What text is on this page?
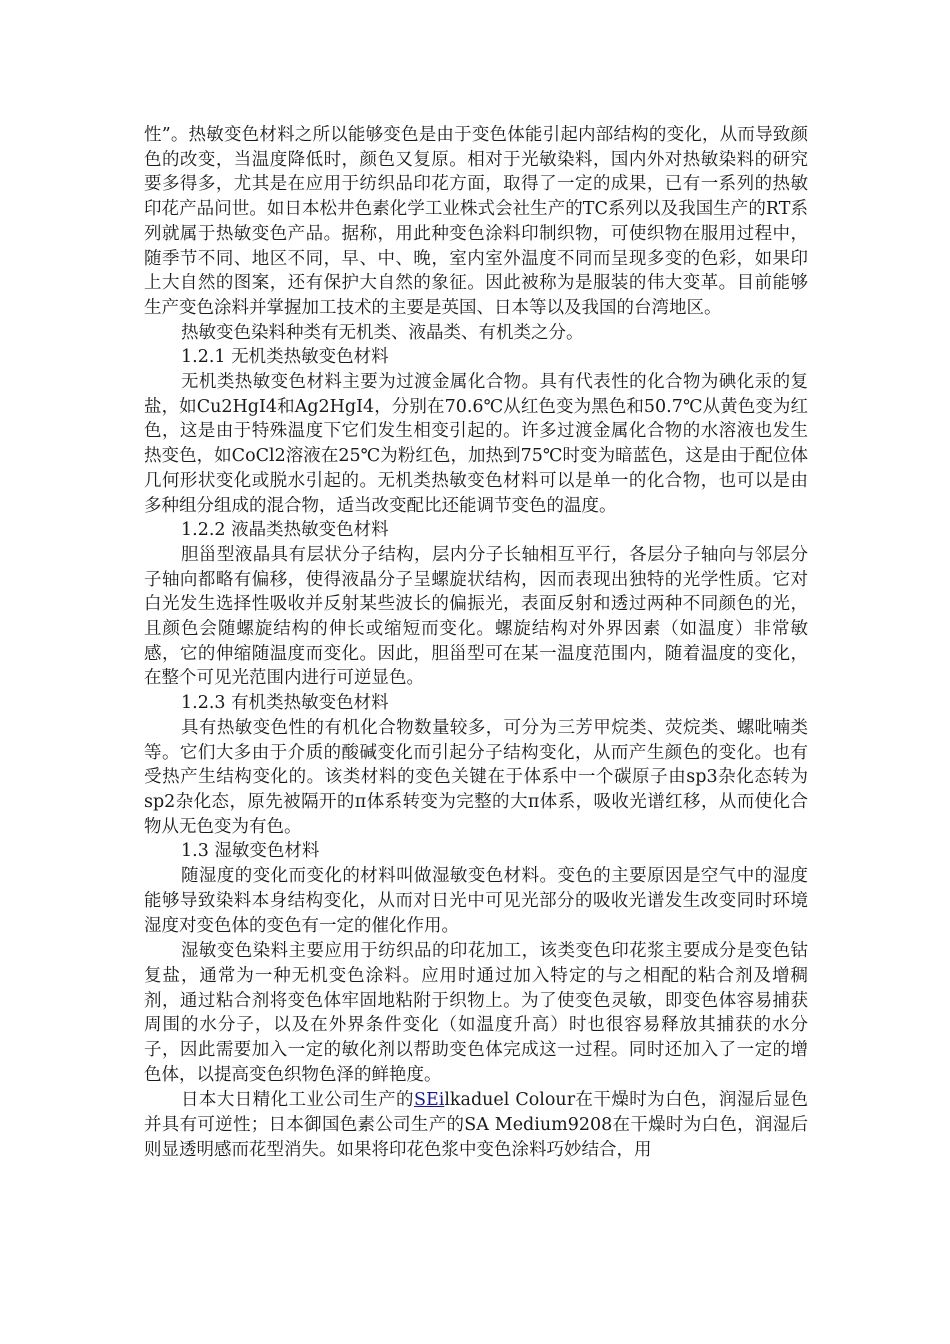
性”。热敏变色材料之所以能够变色是由于变色体能引起内部结构的变化，从而导致颜色的改变，当温度降低时，颜色又复原。相对于光敏染料，国内外对热敏染料的研究要多得多，尤其是在应用于纺织品印花方面，取得了一定的成果，已有一系列的热敏印花产品问世。如日本松井色素化学工业株式会社生产的TC系列以及我国生产的RT系列就属于热敏变色产品。据称，用此种变色涂料印制织物，可使织物在服用过程中，随季节不同、地区不同，早、中、晚，室内室外温度不同而呈现多变的色彩，如果印上大自然的图案，还有保护大自然的象征。因此被称为是服装的伟大变革。目前能够生产变色涂料并掌握加工技术的主要是英国、日本等以及我国的台湾地区。

热敏变色染料种类有无机类、液晶类、有机类之分。

1.2.1 无机类热敏变色材料

无机类热敏变色材料主要为过渡金属化合物。具有代表性的化合物为碘化汞的复盐，如Cu2HgI4和Ag2HgI4，分别在70.6℃从红色变为黑色和50.7℃从黄色变为红色，这是由于特殊温度下它们发生相变引起的。许多过渡金属化合物的水溶液也发生热变色，如CoCl2溶液在25℃为粉红色，加热到75℃时变为暗蓝色，这是由于配位体几何形状变化或脱水引起的。无机类热敏变色材料可以是单一的化合物，也可以是由多种组分组成的混合物，适当改变配比还能调节变色的温度。

1.2.2 液晶类热敏变色材料

胆甾型液晶具有层状分子结构，层内分子长轴相互平行，各层分子轴向与邻层分子轴向都略有偏移，使得液晶分子呈螺旋状结构，因而表现出独特的光学性质。它对白光发生选择性吸收并反射某些波长的偏振光，表面反射和透过两种不同颜色的光，且颜色会随螺旋结构的伸长或缩短而变化。螺旋结构对外界因素（如温度）非常敏感，它的伸缩随温度而变化。因此，胆甾型可在某一温度范围内，随着温度的变化，在整个可见光范围内进行可逆显色。

1.2.3 有机类热敏变色材料

具有热敏变色性的有机化合物数量较多，可分为三芳甲烷类、荧烷类、螺吡喃类等。它们大多由于介质的酸碱变化而引起分子结构变化，从而产生颜色的变化。也有受热产生结构变化的。该类材料的变色关键在于体系中一个碳原子由sp3杂化态转为sp2杂化态，原先被隔开的π体系转变为完整的大π体系，吸收光谱红移，从而使化合物从无色变为有色。

1.3 湿敏变色材料

随湿度的变化而变化的材料叫做湿敏变色材料。变色的主要原因是空气中的湿度能够导致染料本身结构变化，从而对日光中可见光部分的吸收光谱发生改变同时环境湿度对变色体的变色有一定的催化作用。

湿敏变色染料主要应用于纺织品的印花加工，该类变色印花浆主要成分是变色钴复盐，通常为一种无机变色涂料。应用时通过加入特定的与之相配的粘合剂及增稠剂，通过粘合剂将变色体牢固地粘附于织物上。为了使变色灵敏，即变色体容易捕获周围的水分子，以及在外界条件变化（如温度升高）时也很容易释放其捕获的水分子，因此需要加入一定的敏化剂以帮助变色体完成这一过程。同时还加入了一定的增色体，以提高变色织物色泽的鲜艳度。

日本大日精化工业公司生产的SEilkaduel Colour在干燥时为白色，润湿后显色并具有可逆性；日本御国色素公司生产的SA Medium9208在干燥时为白色，润湿后则显透明感而花型消失。如果将印花色浆中变色涂料巧妙结合，用
